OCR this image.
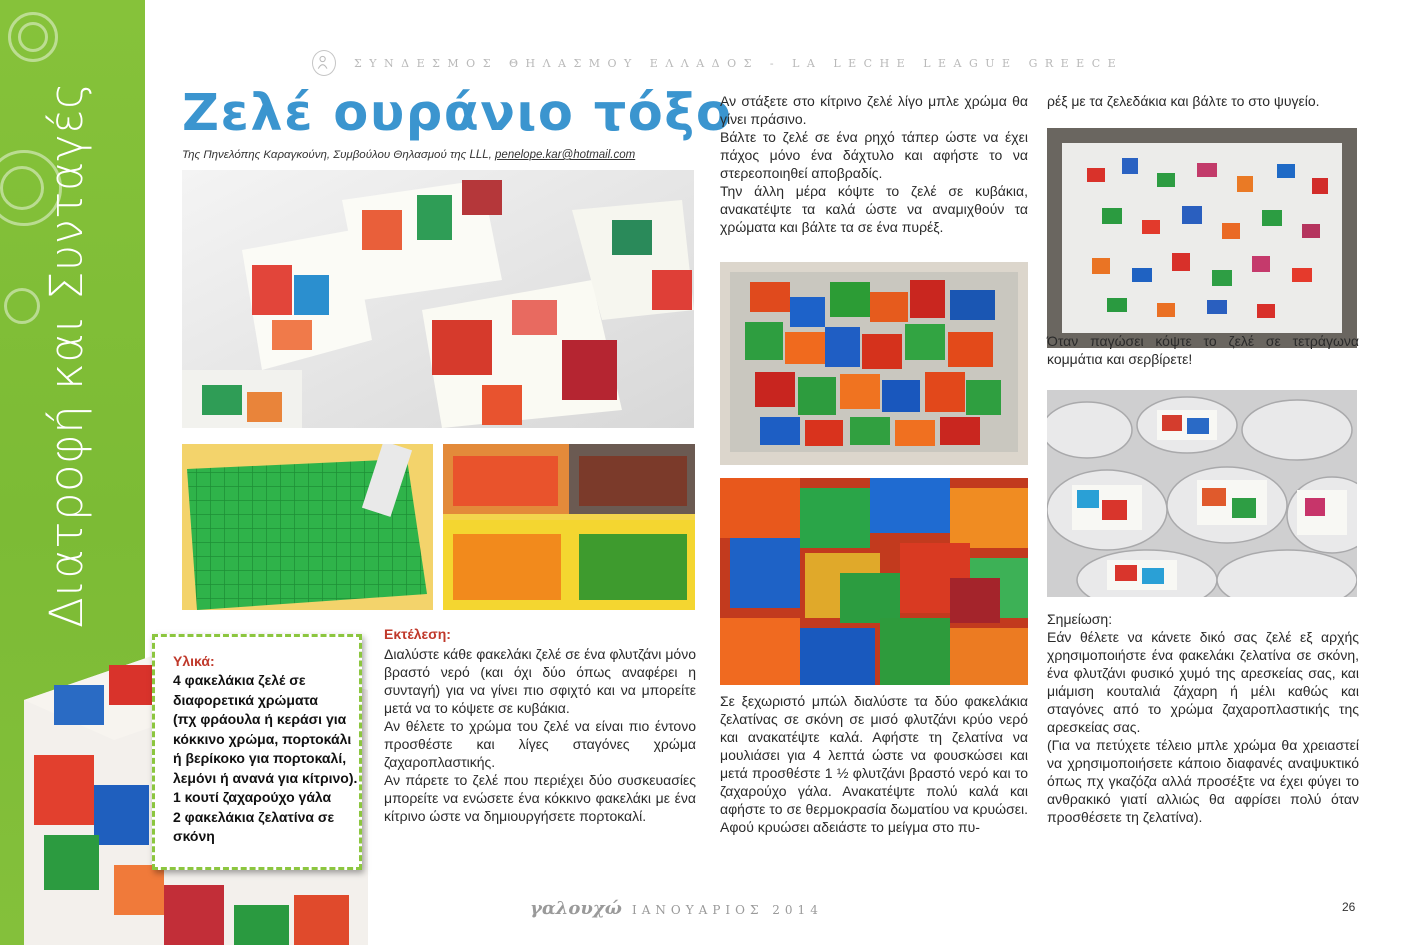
Διατροφή και Συνταγές
ΣΥΝΔΕΣΜΟΣ ΘΗΛΑΣΜΟΥ ΕΛΛΑΔΟΣ - LA LECHE LEAGUE GREECE
Ζελέ ουράνιο τόξο
Της Πηνελόπης Καραγκούνη, Συμβούλου Θηλασμού της LLL, penelope.kar@hotmail.com
Υλικά:
4 φακελάκια ζελέ σε
διαφορετικά χρώματα
(πχ φράουλα ή κεράσι για
κόκκινο χρώμα, πορτοκάλι
ή βερίκοκο για πορτοκαλί,
λεμόνι ή ανανά για κίτρινο).
1 κουτί ζαχαρούχο γάλα
2 φακελάκια ζελατίνα σε
σκόνη
Εκτέλεση:

Διαλύστε κάθε φακελάκι ζελέ σε ένα φλυτζάνι μόνο βραστό νερό (και όχι δύο όπως αναφέρει η συνταγή) για να γίνει πιο σφιχτό και να μπορείτε μετά να το κόψετε σε κυβάκια.

Αν θέλετε το χρώμα του ζελέ να είναι πιο έντονο προσθέστε και λίγες σταγόνες χρώμα ζαχαροπλαστικής.

Αν πάρετε το ζελέ που περιέχει δύο συσκευασίες μπορείτε να ενώσετε ένα κόκκινο φακελάκι με ένα κίτρινο ώστε να δημιουργήσετε πορτοκαλί.

Αν στάξετε στο κίτρινο ζελέ λίγο μπλε χρώμα θα γίνει πράσινο.

Βάλτε το ζελέ σε ένα ρηχό τάπερ ώστε να έχει πάχος μόνο ένα δάχτυλο και αφήστε το να στερεοποιηθεί αποβραδίς.

Την άλλη μέρα κόψτε το ζελέ σε κυβάκια, ανακατέψτε τα καλά ώστε να αναμιχθούν τα χρώματα και βάλτε τα σε ένα πυρέξ.

Σε ξεχωριστό μπώλ διαλύστε τα δύο φακελάκια ζελατίνας σε σκόνη σε μισό φλυτζάνι κρύο νερό και ανακατέψτε καλά. Αφήστε τη ζελατίνα να μουλιάσει για 4 λεπτά ώστε να φουσκώσει και μετά προσθέστε 1 ½ φλυτζάνι βραστό νερό και το ζαχαρούχο γάλα. Ανακατέψτε πολύ καλά και αφήστε το σε θερμοκρασία δωματίου να κρυώσει. Αφού κρυώσει αδειάστε το μείγμα στο πυ-

ρέξ με τα ζελεδάκια και βάλτε το στο ψυγείο.

Όταν παγώσει κόψτε το ζελέ σε τετράγωνα κομμάτια και σερβίρετε!

Σημείωση:

Εάν θέλετε να κάνετε δικό σας ζελέ εξ αρχής χρησιμοποιήστε ένα φακελάκι ζελατίνα σε σκόνη, ένα φλυτζάνι φυσικό χυμό της αρεσκείας σας, και μιάμιση κουταλιά ζάχαρη ή μέλι καθώς και σταγόνες από το χρώμα ζαχαροπλαστικής της αρεσκείας σας.

(Για να πετύχετε τέλειο μπλε χρώμα θα χρειαστεί να χρησιμοποιήσετε κάποιο διαφανές αναψυκτικό όπως πχ γκαζόζα αλλά προσέξτε να έχει φύγει το ανθρακικό γιατί αλλιώς θα αφρίσει πολύ όταν προσθέσετε τη ζελατίνα).

γαλουχώ ΙΑΝΟΥΑΡΙΟΣ 2014	26
